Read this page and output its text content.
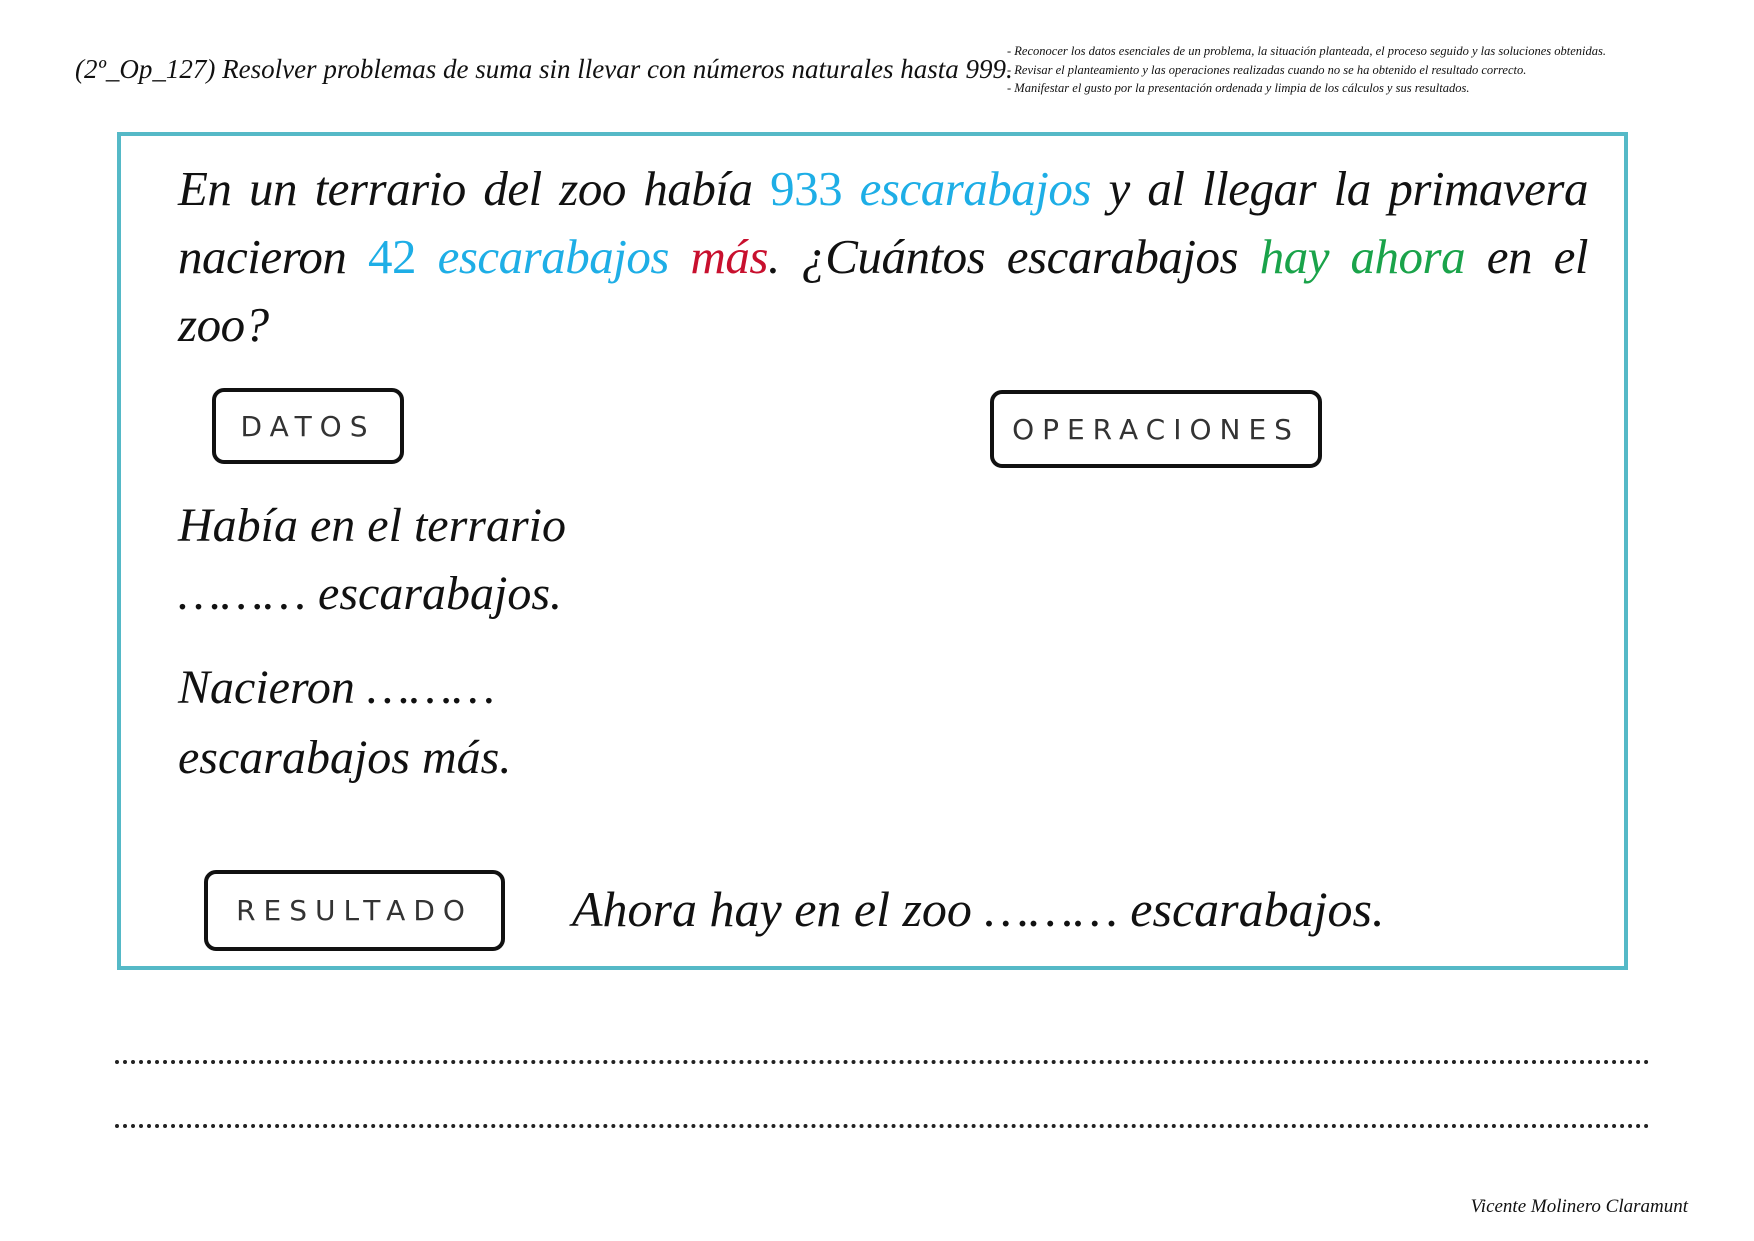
(2º_Op_127) Resolver problemas de suma sin llevar con números naturales hasta 999.
- Reconocer los datos esenciales de un problema, la situación planteada, el proceso seguido y las soluciones obtenidas.
- Revisar el planteamiento y las operaciones realizadas cuando no se ha obtenido el resultado correcto.
- Manifestar el gusto por la presentación ordenada y limpia de los cálculos y sus resultados.
En un terrario del zoo había 933 escarabajos y al llegar la primavera nacieron 42 escarabajos más. ¿Cuántos escarabajos hay ahora en el zoo?
DATOS	OPERACIONES
Había en el terrario
……… escarabajos.
Nacieron ………
escarabajos más.
RESULTADO	Ahora hay en el zoo ……… escarabajos.
Vicente Molinero Claramunt
